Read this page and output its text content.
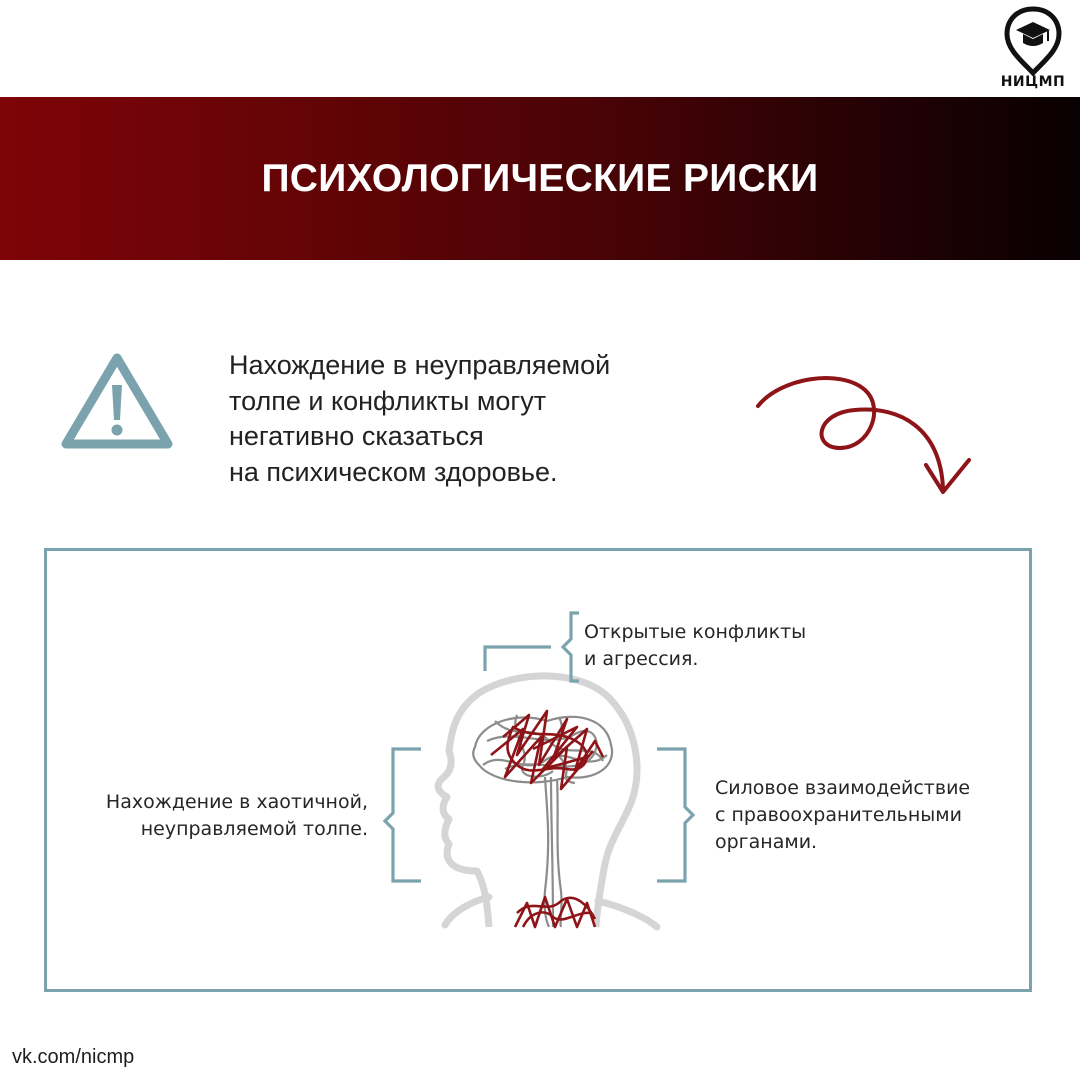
НИЦМП
ПСИХОЛОГИЧЕСКИЕ РИСКИ
Нахождение в неуправляемой
толпе и конфликты могут
негативно сказаться
на психическом здоровье.
Открытые конфликты
и агрессия.
Нахождение в хаотичной,
неуправляемой толпе.
Силовое взаимодействие
с правоохранительными
органами.
vk.com/nicmp
